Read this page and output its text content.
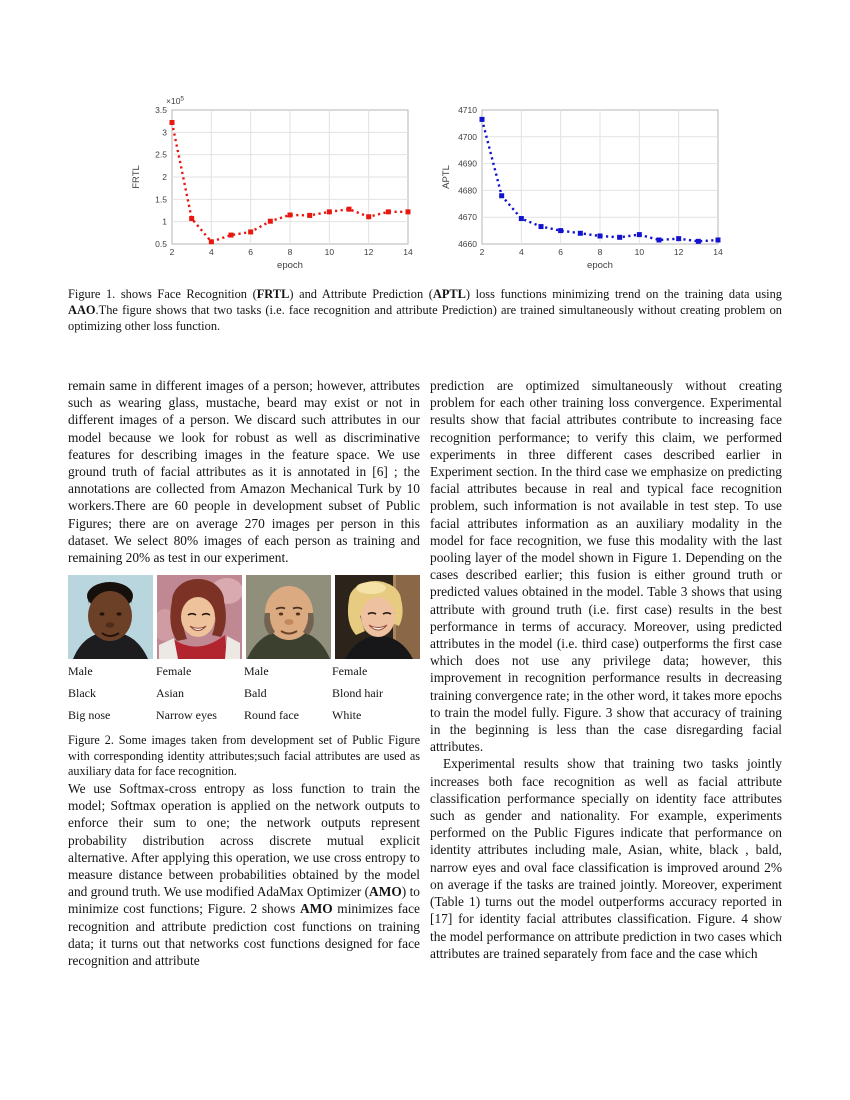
2	4	6	8	10	12	14
0.5
1
1.5
2
2.5
3
3.5
epoch
FRTL
$\times 10^5$
2	4	6	8	10	12	14
4660
4670
4680
4690
4700
4710
epoch
APTL
Figure 1. shows Face Recognition (FRTL) and Attribute Prediction (APTL) loss functions minimizing trend on the training data using AAO.The figure shows that two tasks (i.e. face recognition and attribute Prediction) are trained simultaneously without creating problem on optimizing other loss function.

remain same in different images of a person; however, attributes such as wearing glass, mustache, beard may exist or not in different images of a person. We discard such attributes in our model because we look for robust as well as discriminative features for describing images in the feature space. We use ground truth of facial attributes as it is annotated in [6] ; the annotations are collected from Amazon Mechanical Turk by 10 workers.There are 60 people in development subset of Public Figures; there are on average 270 images per person in this dataset. We select 80% images of each person as training and remaining 20% as test in our experiment.

Male	Female	Male	Female
Black	Asian	Bald	Blond hair
Big nose	Narrow eyes	Round face	White
Figure 2. Some images taken from development set of Public Figure with corresponding identity attributes;such facial attributes are used as auxiliary data for face recognition.

We use Softmax-cross entropy as loss function to train the model; Softmax operation is applied on the network outputs to enforce their sum to one; the network outputs represent probability distribution across discrete mutual explicit alternative. After applying this operation, we use cross entropy to measure distance between probabilities obtained by the model and ground truth. We use modified AdaMax Optimizer (AMO) to minimize cost functions; Figure. 2 shows AMO minimizes face recognition and attribute prediction cost functions on training data; it turns out that networks cost functions designed for face recognition and attribute

prediction are optimized simultaneously without creating problem for each other training loss convergence. Experimental results show that facial attributes contribute to increasing face recognition performance; to verify this claim, we performed experiments in three different cases described earlier in Experiment section. In the third case we emphasize on predicting facial attributes because in real and typical face recognition problem, such information is not available in test step. To use facial attributes information as an auxiliary modality in the model for face recognition, we fuse this modality with the last pooling layer of the model shown in Figure 1. Depending on the cases described earlier; this fusion is either ground truth or predicted values obtained in the model. Table 3 shows that using attribute with ground truth (i.e. first case) results in the best performance in terms of accuracy. Moreover, using predicted attributes in the model (i.e. third case) outperforms the first case which does not use any privilege data; however, this improvement in recognition performance results in decreasing training convergence rate; in the other word, it takes more epochs to train the model fully. Figure. 3 show that accuracy of training in the beginning is less than the case disregarding facial attributes.

Experimental results show that training two tasks jointly increases both face recognition as well as facial attribute classification performance specially on identity face attributes such as gender and nationality. For example, experiments performed on the Public Figures indicate that performance on identity attributes including male, Asian, white, black , bald, narrow eyes and oval face classification is improved around 2% on average if the tasks are trained jointly. Moreover, experiment (Table 1) turns out the model outperforms accuracy reported in [17] for identity facial attributes classification. Figure. 4 show the model performance on attribute prediction in two cases which attributes are trained separately from face and the case which
